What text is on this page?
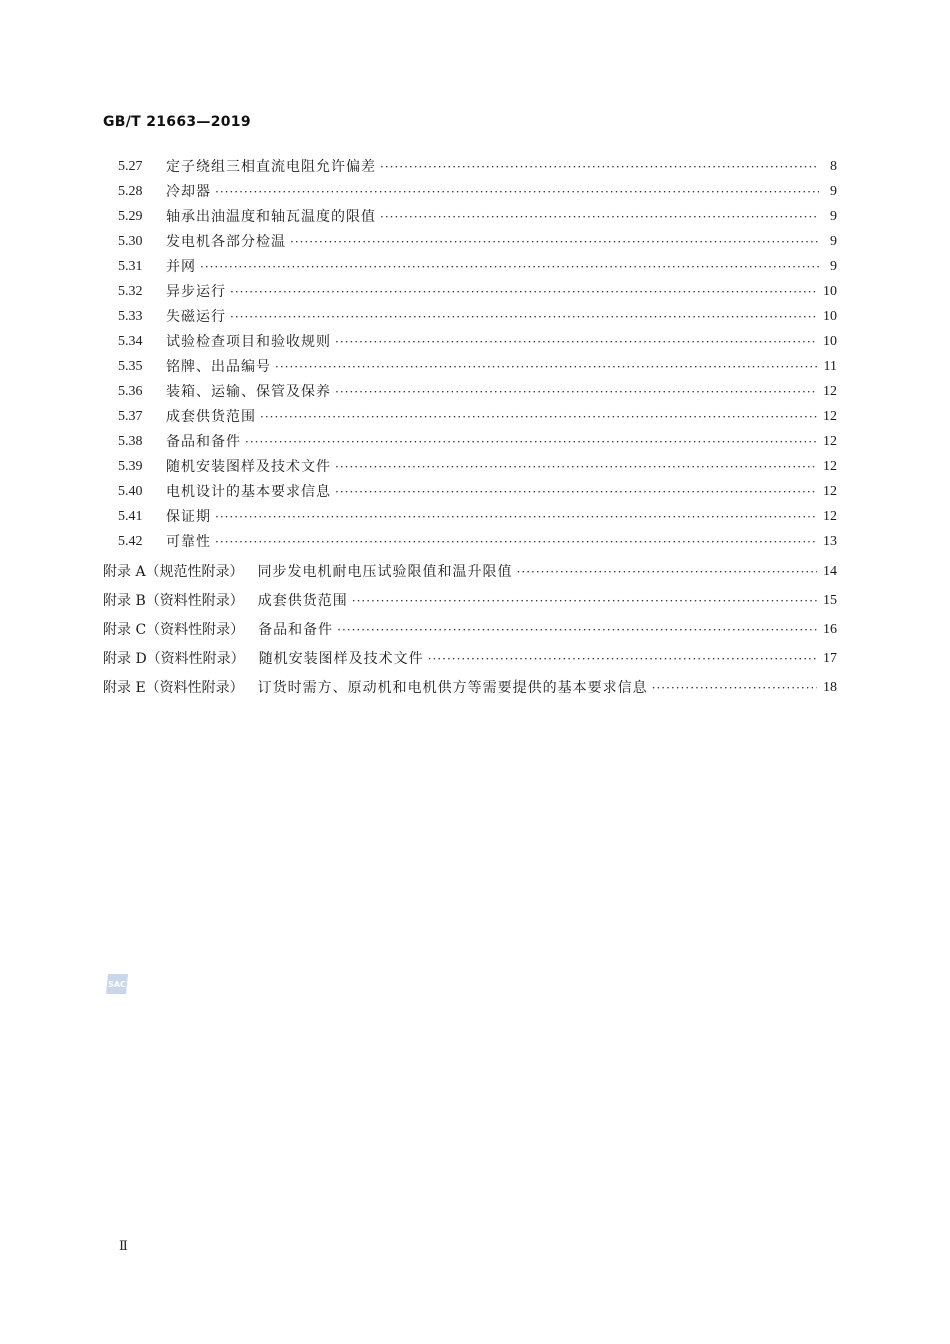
GB/T 21663—2019
5.27	定子绕组三相直流电阻允许偏差 ·····	8
5.28	冷却器 ·····	9
5.29	轴承出油温度和轴瓦温度的限值 ·····	9
5.30	发电机各部分检温 ·····	9
5.31	并网 ·····	9
5.32	异步运行 ·····	10
5.33	失磁运行 ·····	10
5.34	试验检查项目和验收规则 ·····	10
5.35	铭牌、出品编号 ·····	11
5.36	装箱、运输、保管及保养 ·····	12
5.37	成套供货范围 ·····	12
5.38	备品和备件 ·····	12
5.39	随机安装图样及技术文件 ·····	12
5.40	电机设计的基本要求信息 ·····	12
5.41	保证期 ·····	12
5.42	可靠性 ·····	13
附录 A（规范性附录） 同步发电机耐电压试验限值和温升限值 ·····	14
附录 B（资料性附录） 成套供货范围 ·····	15
附录 C（资料性附录） 备品和备件 ·····	16
附录 D（资料性附录） 随机安装图样及技术文件 ·····	17
附录 E（资料性附录） 订货时需方、原动机和电机供方等需要提供的基本要求信息 ·····	18
SAC
Ⅱ
